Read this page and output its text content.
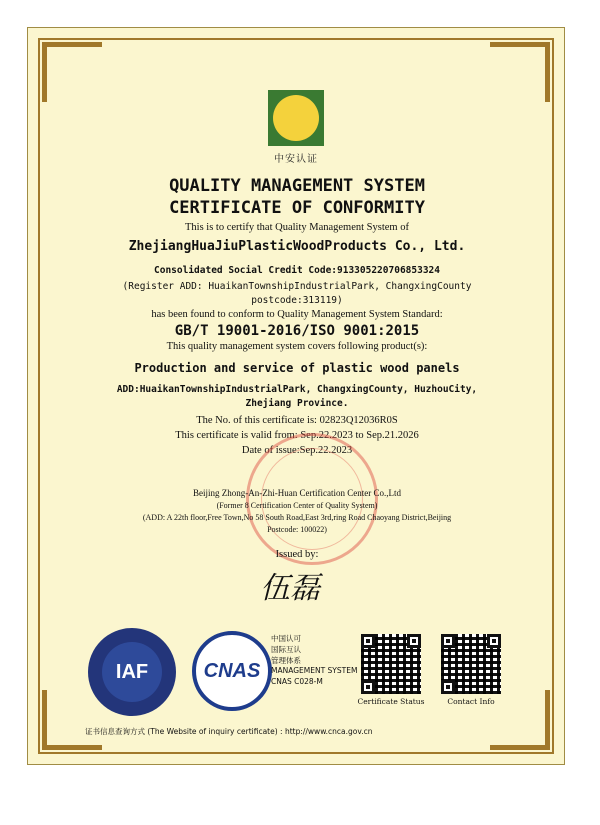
中安认证
QUALITY MANAGEMENT SYSTEM
CERTIFICATE OF CONFORMITY
This is to certify that Quality Management System of
ZhejiangHuaJiuPlasticWoodProducts Co., Ltd.
Consolidated Social Credit Code:913305220706853324
(Register ADD: HuaikanTownshipIndustrialPark, ChangxingCounty
postcode:313119)
has been found to conform to Quality Management System Standard:
GB/T 19001-2016/ISO 9001:2015
This quality management system covers following product(s):
Production and service of plastic wood panels
ADD:HuaikanTownshipIndustrialPark, ChangxingCounty, HuzhouCity,
Zhejiang Province.
The No. of this certificate is: 02823Q12036R0S
This certificate is valid from: Sep.22.2023 to Sep.21.2026
Date of issue:Sep.22.2023
Beijing Zhong-An-Zhi-Huan Certification Center Co.,Ltd
(Former 8 Certification Center of Quality System)
(ADD: A 22th floor,Free Town,No 58 South Road,East 3rd,ring Road Chaoyang District,Beijing
Postcode: 100022)
Issued by:
伍磊
IAF	CNAS
中国认可
国际互认
管理体系
MANAGEMENT SYSTEM
CNAS C028-M
Certificate Status	Contact Info
证书信息查询方式 (The Website of inquiry certificate) : http://www.cnca.gov.cn
